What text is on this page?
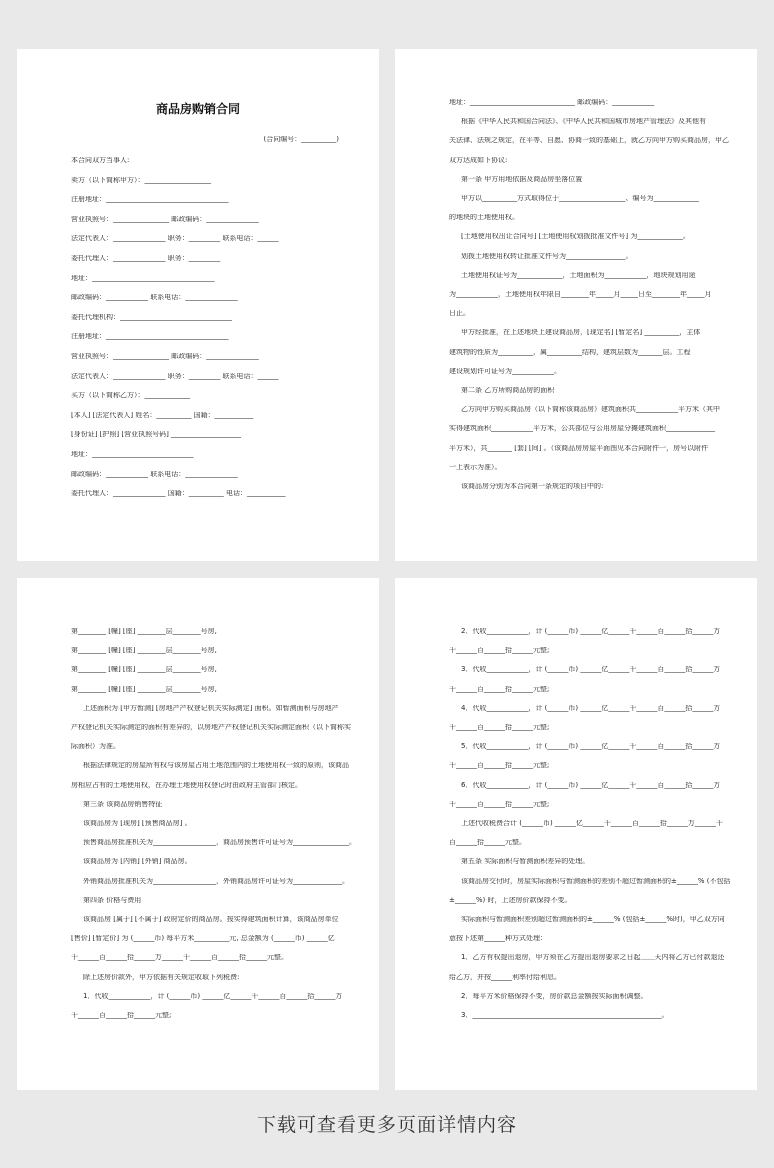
商品房购销合同
(合同编号：__________)
本合同双方当事人:
卖方（以下简称甲方）：___________________
注册地址：___________________________________
营业执照号：________________ 邮政编码：_______________
法定代表人：_______________ 职务：_________ 联系电话：______
委托代理人：_______________ 职务：_________
地址：___________________________________
邮政编码：____________ 联系电话：_______________
委托代理机构：________________________________
注册地址：___________________________________
营业执照号：________________ 邮政编码：_______________
法定代表人：_______________ 职务：_________ 联系电话：______
买方（以下简称乙方）：_____________
[本人] [法定代表人] 姓名：__________ 国籍：___________
[身份证] [护照] [营业执照号码] ____________________
地址：_____________________________
邮政编码：____________ 联系电话：_______________
委托代理人：_______________ 国籍：__________ 电话：___________
地址：______________________________ 邮政编码：____________
根据《中华人民共和国合同法》、《中华人民共和国城市房地产管理法》及其他有
关法律、法规之规定，在平等、自愿、协商一致的基础上，就乙方向甲方购买商品房，甲乙
双方达成如下协议:
第一条 甲方用地依据及商品房坐落位置
甲方以__________方式取得位于___________________、编号为_____________
的地块的土地使用权。
[土地使用权出让合同号] [土地使用权划拨批准文件号] 为_____________。
划拨土地使用权转让批准文件号为_________________。
土地使用权证号为_____________，土地面积为____________，地块规划用途
为____________，土地使用权年限自________年_____月_____日至________年_____月
日止。
甲方经批准，在上述地块上建设商品房，[现定名] [暂定名] __________，主体
建筑物的性质为__________，属__________结构，建筑层数为_______层。工程
建设规划许可证号为____________。
第二条 乙方所购商品房的面积
乙方向甲方购买商品房（以下简称该商品房）建筑面积共____________平方米（其中
实得建筑面积____________平方米，公共部位与公用房屋分摊建筑面积______________
平方米），共_______ [套] [间] 。（该商品房房屋平面图见本合同附件一，房号以附件
一上表示为准）。
该商品房分别为本合同第一条规定的项目中的:
第________ [幢] [座] ________层________号房,
第________ [幢] [座] ________层________号房,
第________ [幢] [座] ________层________号房,
第________ [幢] [座] ________层________号房,
上述面积为 [甲方暂测] [房地产产权登记机关实际测定] 面积。如暂测面积与房地产
产权登记机关实际测定的面积有差异的，以房地产产权登记机关实际测定面积（以下简称实
际面积）为准。
根据法律规定的房屋所有权与该房屋占用土地范围内的土地使用权一致的原则，该商品
房相应占有的土地使用权，在办理土地使用权登记时由政府主管部门核定。
第三条 该商品房销售特征
该商品房为 [现房] [预售商品房] 。
预售商品房批准机关为__________________，商品房预售许可证号为________________。
该商品房为 [内销] [外销] 商品房。
外销商品房批准机关为__________________，外销商品房许可证号为______________。
第四条 价格与费用
该商品房 [属于] [不属于] 政府定价的商品房。按实得建筑面积计算，该商品房单位
[售价] [暂定价] 为 (______币) 每平方米__________元, 总金额为 (______币) ______亿
千______百______拾______万______千______百______拾______元整。
除上述房价款外，甲方依据有关规定收取下列税费:
1．代收____________，计 (______币) ______亿______千______百______拾______万
千______百______拾______元整;
2．代收____________，计 (______币) ______亿______千______百______拾______万
千______百______拾______元整;
3．代收____________，计 (______币) ______亿______千______百______拾______万
千______百______拾______元整;
4．代收____________，计 (______币) ______亿______千______百______拾______万
千______百______拾______元整;
5．代收____________，计 (______币) ______亿______千______百______拾______万
千______百______拾______元整;
6．代收____________，计 (______币) ______亿______千______百______拾______万
千______百______拾______元整;
上述代收税费合计 (______币) ______亿______千______百______拾______万______千
百______拾______元整。
第五条 实际面积与暂测面积差异的处理。
该商品房交付时，房屋实际面积与暂测面积的差别不超过暂测面积的±______% (不包括
±______%) 时，上述房价款保持不变。
实际面积与暂测面积差别超过暂测面积的±______% (包括±______%时)，甲乙双方同
意按下述第______种方式处理：
1．乙方有权提出退房，甲方须在乙方提出退房要求之日起＿＿天内将乙方已付款退还
给乙方，并按______利率付给利息。
2．每平方米价格保持不变，房价款总金额按实际面积调整。
3．______________________________________________________。
下载可查看更多页面详情内容
